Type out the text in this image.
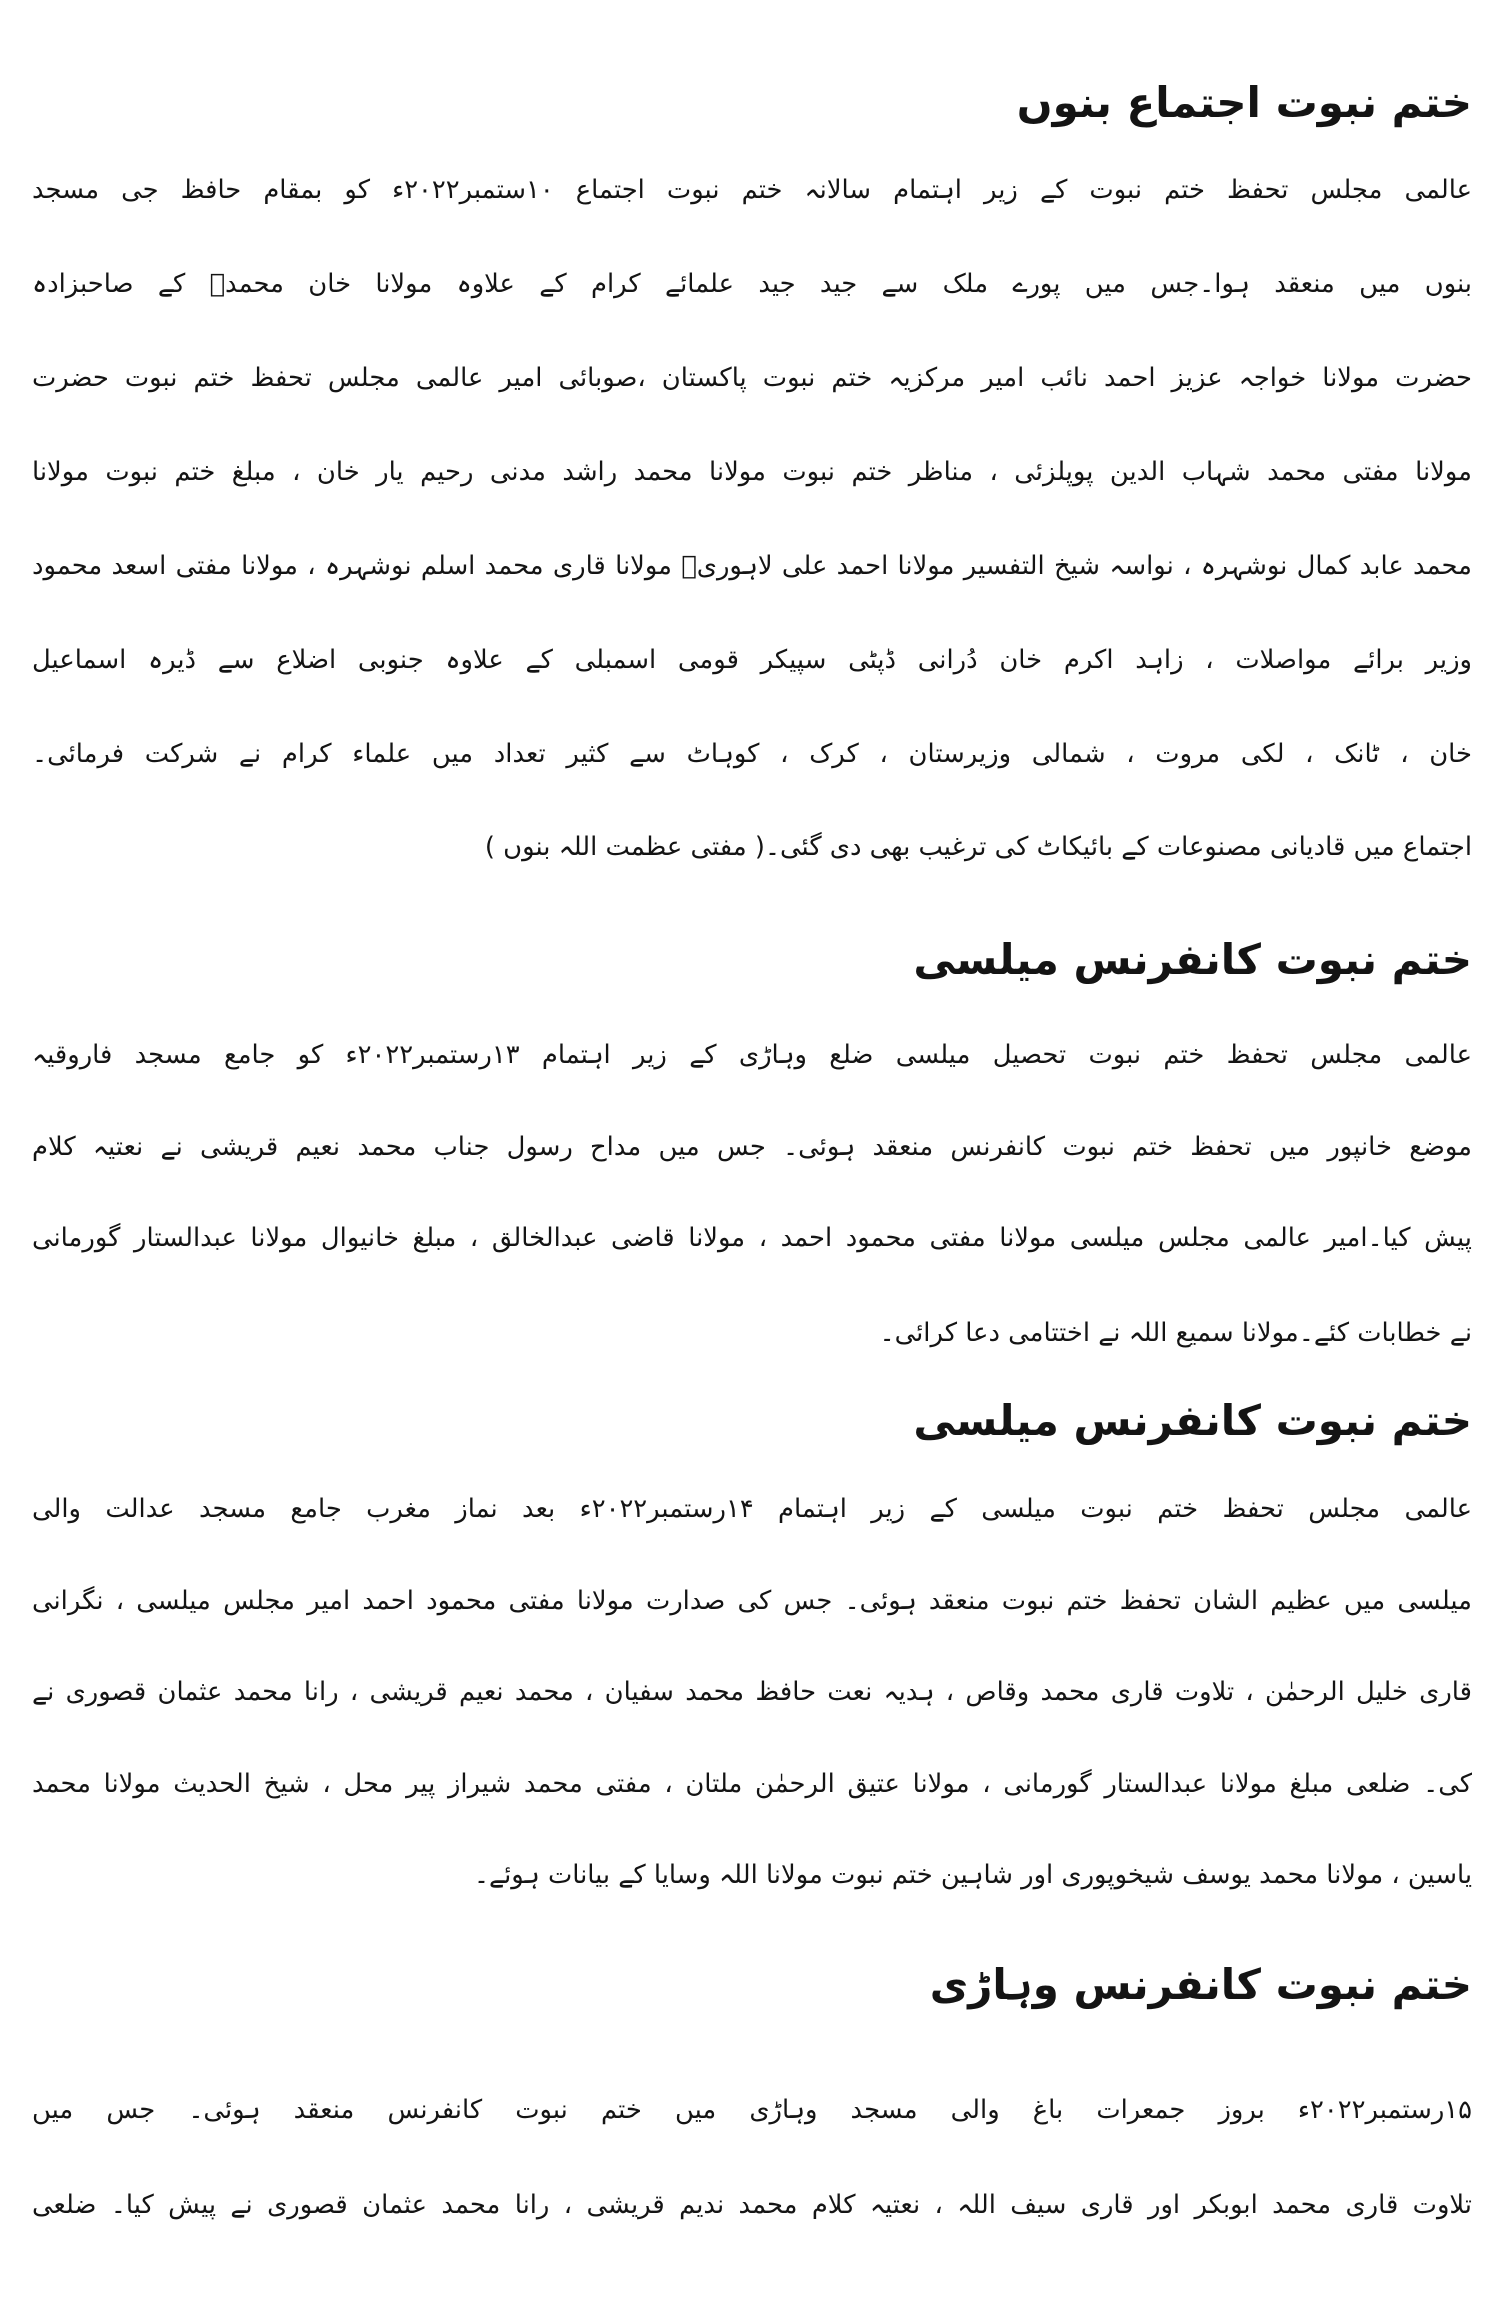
ختم نبوت اجتماع بنوں
عالمی مجلس تحفظ ختم نبوت کے زیر اہتمام سالانہ ختم نبوت اجتماع ۱۰ستمبر۲۰۲۲ء کو بمقام حافظ جی مسجد
بنوں میں منعقد ہوا۔جس میں پورے ملک سے جید جید علمائے کرام کے علاوہ مولانا خان محمدؒ کے صاحبزادہ
حضرت مولانا خواجہ عزیز احمد نائب امیر مرکزیہ ختم نبوت پاکستان ،صوبائی امیر عالمی مجلس تحفظ ختم نبوت حضرت
مولانا مفتی محمد شہاب الدین پوپلزئی ، مناظر ختم نبوت مولانا محمد راشد مدنی رحیم یار خان ، مبلغ ختم نبوت مولانا
محمد عابد کمال نوشہرہ ، نواسہ شیخ التفسیر مولانا احمد علی لاہوریؒ مولانا قاری محمد اسلم نوشہرہ ، مولانا مفتی اسعد محمود
وزیر برائے مواصلات ، زاہد اکرم خان دُرانی ڈپٹی سپیکر قومی اسمبلی کے علاوہ جنوبی اضلاع سے ڈیرہ اسماعیل
خان ، ٹانک ، لکی مروت ، شمالی وزیرستان ، کرک ، کوہاٹ سے کثیر تعداد میں علماء کرام نے شرکت فرمائی۔
اجتماع میں قادیانی مصنوعات کے بائیکاٹ کی ترغیب بھی دی گئی۔( مفتی عظمت اللہ بنوں )
ختم نبوت کانفرنس میلسی
عالمی مجلس تحفظ ختم نبوت تحصیل میلسی ضلع وہاڑی کے زیر اہتمام ۱۳رستمبر۲۰۲۲ء کو جامع مسجد فاروقیہ
موضع خانپور میں تحفظ ختم نبوت کانفرنس منعقد ہوئی۔ جس میں مداح رسول جناب محمد نعیم قریشی نے نعتیہ کلام
پیش کیا۔امیر عالمی مجلس میلسی مولانا مفتی محمود احمد ، مولانا قاضی عبدالخالق ، مبلغ خانیوال مولانا عبدالستار گورمانی
نے خطابات کئے۔مولانا سمیع اللہ نے اختتامی دعا کرائی۔
ختم نبوت کانفرنس میلسی
عالمی مجلس تحفظ ختم نبوت میلسی کے زیر اہتمام ۱۴رستمبر۲۰۲۲ء بعد نماز مغرب جامع مسجد عدالت والی
میلسی میں عظیم الشان تحفظ ختم نبوت منعقد ہوئی۔ جس کی صدارت مولانا مفتی محمود احمد امیر مجلس میلسی ، نگرانی
قاری خلیل الرحمٰن ، تلاوت قاری محمد وقاص ، ہدیہ نعت حافظ محمد سفیان ، محمد نعیم قریشی ، رانا محمد عثمان قصوری نے
کی۔ ضلعی مبلغ مولانا عبدالستار گورمانی ، مولانا عتیق الرحمٰن ملتان ، مفتی محمد شیراز پیر محل ، شیخ الحدیث مولانا محمد
یاسین ، مولانا محمد یوسف شیخوپوری اور شاہین ختم نبوت مولانا اللہ وسایا کے بیانات ہوئے۔
ختم نبوت کانفرنس وہاڑی
۱۵رستمبر۲۰۲۲ء بروز جمعرات باغ والی مسجد وہاڑی میں ختم نبوت کانفرنس منعقد ہوئی۔ جس میں
تلاوت قاری محمد ابوبکر اور قاری سیف اللہ ، نعتیہ کلام محمد ندیم قریشی ، رانا محمد عثمان قصوری نے پیش کیا۔ ضلعی
